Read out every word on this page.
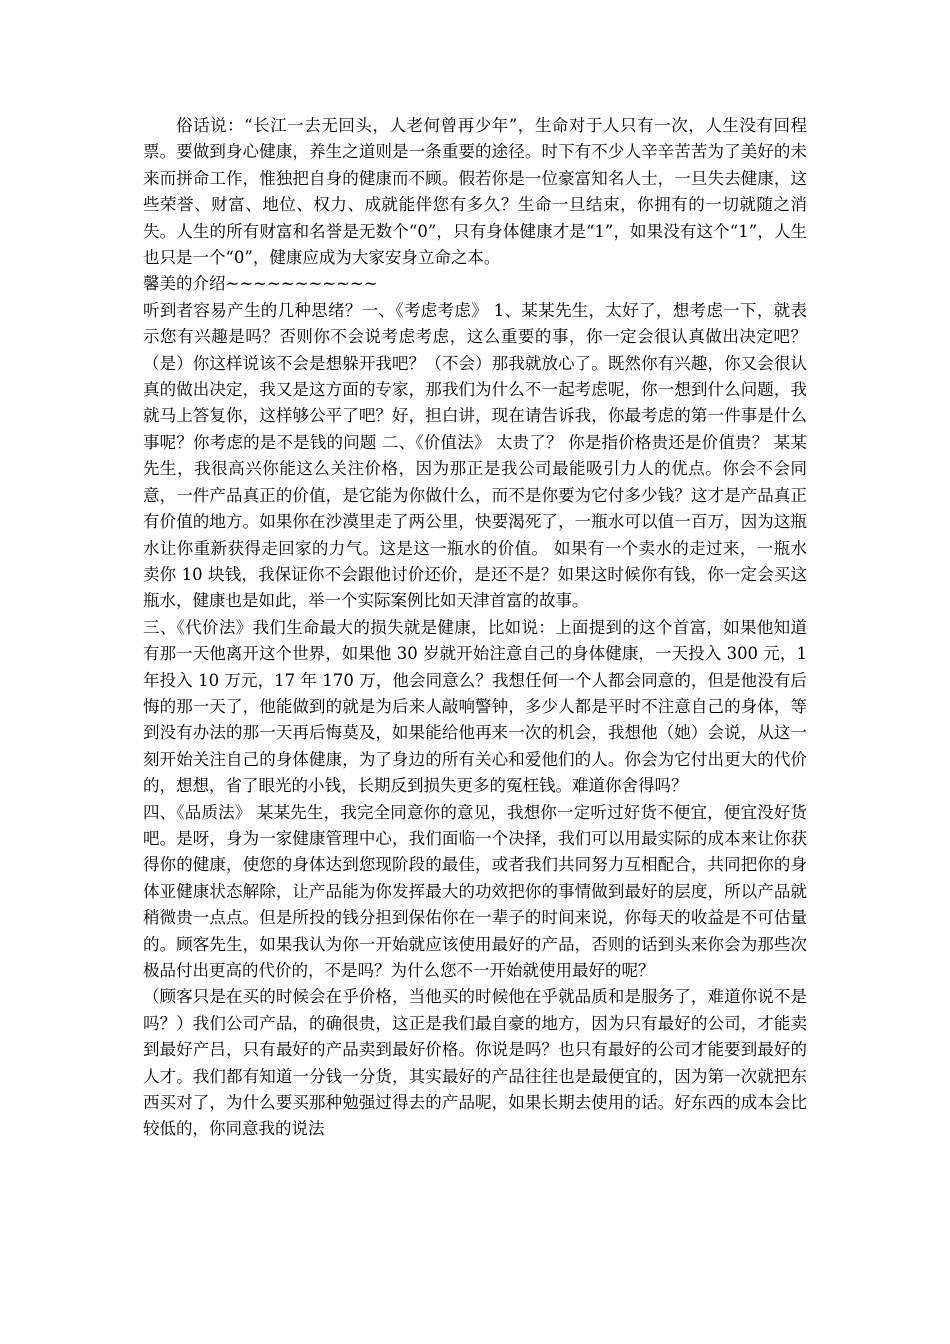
俗话说：“长江一去无回头，人老何曾再少年”，生命对于人只有一次，人生没有回程票。要做到身心健康，养生之道则是一条重要的途径。时下有不少人辛辛苦苦为了美好的未来而拼命工作，惟独把自身的健康而不顾。假若你是一位豪富知名人士，一旦失去健康，这些荣誉、财富、地位、权力、成就能伴您有多久？生命一旦结束，你拥有的一切就随之消失。人生的所有财富和名誉是无数个“0”，只有身体健康才是“1”，如果没有这个“1”，人生也只是一个“0”，健康应成为大家安身立命之本。

馨美的介绍~~~~~~~~~~~

听到者容易产生的几种思绪？一、《考虑考虑》 1、某某先生，太好了，想考虑一下，就表示您有兴趣是吗？否则你不会说考虑考虑，这么重要的事，你一定会很认真做出决定吧？（是）你这样说该不会是想躲开我吧？（不会）那我就放心了。既然你有兴趣，你又会很认真的做出决定，我又是这方面的专家，那我们为什么不一起考虑呢，你一想到什么问题，我就马上答复你，这样够公平了吧？好，担白讲，现在请告诉我，你最考虑的第一件事是什么事呢？你考虑的是不是钱的问题 二、《价值法》 太贵了？ 你是指价格贵还是价值贵？ 某某先生，我很高兴你能这么关注价格，因为那正是我公司最能吸引力人的优点。你会不会同意，一件产品真正的价值，是它能为你做什么，而不是你要为它付多少钱？这才是产品真正有价值的地方。如果你在沙漠里走了两公里，快要渴死了，一瓶水可以值一百万，因为这瓶水让你重新获得走回家的力气。这是这一瓶水的价值。 如果有一个卖水的走过来，一瓶水卖你 10 块钱，我保证你不会跟他讨价还价，是还不是？如果这时候你有钱，你一定会买这瓶水，健康也是如此，举一个实际案例比如天津首富的故事。

三、《代价法》我们生命最大的损失就是健康，比如说：上面提到的这个首富，如果他知道有那一天他离开这个世界，如果他 30 岁就开始注意自己的身体健康，一天投入 300 元，1 年投入 10 万元，17 年 170 万，他会同意么？我想任何一个人都会同意的，但是他没有后悔的那一天了，他能做到的就是为后来人敲响警钟，多少人都是平时不注意自己的身体，等到没有办法的那一天再后悔莫及，如果能给他再来一次的机会，我想他（她）会说，从这一刻开始关注自己的身体健康，为了身边的所有关心和爱他们的人。你会为它付出更大的代价的，想想，省了眼光的小钱，长期反到损失更多的冤枉钱。难道你舍得吗？

四、《品质法》 某某先生，我完全同意你的意见，我想你一定听过好货不便宜，便宜没好货吧。是呀，身为一家健康管理中心，我们面临一个决择，我们可以用最实际的成本来让你获得你的健康，使您的身体达到您现阶段的最佳，或者我们共同努力互相配合，共同把你的身体亚健康状态解除，让产品能为你发挥最大的功效把你的事情做到最好的层度，所以产品就稍微贵一点点。但是所投的钱分担到保佑你在一辈子的时间来说，你每天的收益是不可估量的。顾客先生，如果我认为你一开始就应该使用最好的产品，否则的话到头来你会为那些次极品付出更高的代价的，不是吗？为什么您不一开始就使用最好的呢？

（顾客只是在买的时候会在乎价格，当他买的时候他在乎就品质和是服务了，难道你说不是吗？）我们公司产品，的确很贵，这正是我们最自豪的地方，因为只有最好的公司，才能卖到最好产吕，只有最好的产品卖到最好价格。你说是吗？也只有最好的公司才能要到最好的人才。我们都有知道一分钱一分货，其实最好的产品往往也是最便宜的，因为第一次就把东西买对了，为什么要买那种勉强过得去的产品呢，如果长期去使用的话。好东西的成本会比较低的，你同意我的说法
